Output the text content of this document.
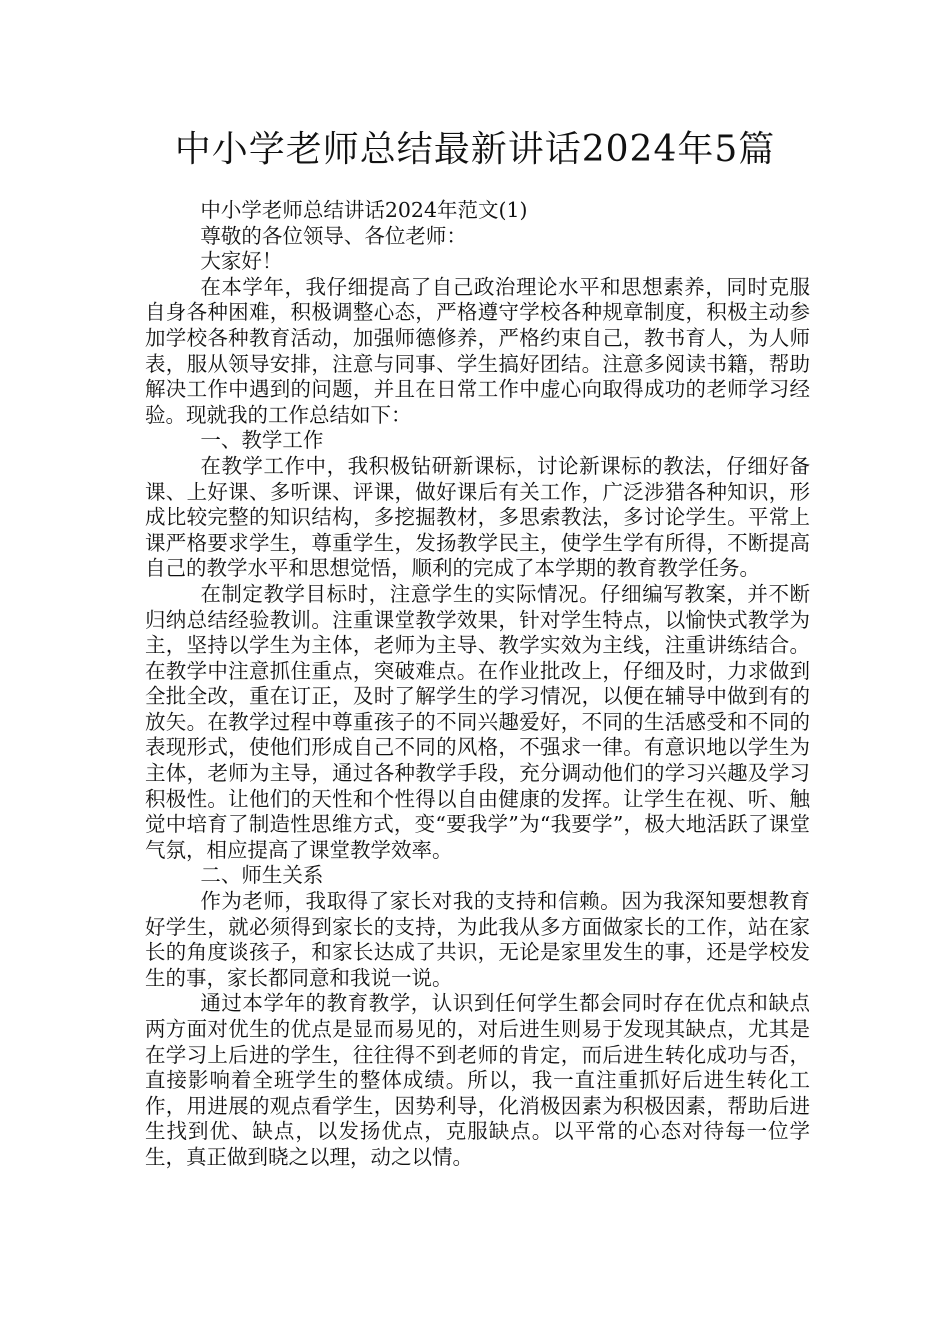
中小学老师总结最新讲话2024年5篇

中小学老师总结讲话2024年范文(1)

尊敬的各位领导、各位老师：

大家好！

在本学年，我仔细提高了自己政治理论水平和思想素养，同时克服自身各种困难，积极调整心态，严格遵守学校各种规章制度，积极主动参加学校各种教育活动，加强师德修养，严格约束自己，教书育人，为人师表，服从领导安排，注意与同事、学生搞好团结。注意多阅读书籍，帮助解决工作中遇到的问题，并且在日常工作中虚心向取得成功的老师学习经验。现就我的工作总结如下：

一、教学工作

在教学工作中，我积极钻研新课标，讨论新课标的教法，仔细好备课、上好课、多听课、评课，做好课后有关工作，广泛涉猎各种知识，形成比较完整的知识结构，多挖掘教材，多思索教法，多讨论学生。平常上课严格要求学生，尊重学生，发扬教学民主，使学生学有所得，不断提高自己的教学水平和思想觉悟，顺利的完成了本学期的教育教学任务。

在制定教学目标时，注意学生的实际情况。仔细编写教案，并不断归纳总结经验教训。注重课堂教学效果，针对学生特点，以愉快式教学为主，坚持以学生为主体，老师为主导、教学实效为主线，注重讲练结合。在教学中注意抓住重点，突破难点。在作业批改上，仔细及时，力求做到全批全改，重在订正，及时了解学生的学习情况，以便在辅导中做到有的放矢。在教学过程中尊重孩子的不同兴趣爱好，不同的生活感受和不同的表现形式，使他们形成自己不同的风格，不强求一律。有意识地以学生为主体，老师为主导，通过各种教学手段，充分调动他们的学习兴趣及学习积极性。让他们的天性和个性得以自由健康的发挥。让学生在视、听、触觉中培育了制造性思维方式，变“要我学”为“我要学”，极大地活跃了课堂气氛，相应提高了课堂教学效率。

二、师生关系

作为老师，我取得了家长对我的支持和信赖。因为我深知要想教育好学生，就必须得到家长的支持，为此我从多方面做家长的工作，站在家长的角度谈孩子，和家长达成了共识，无论是家里发生的事，还是学校发生的事，家长都同意和我说一说。

通过本学年的教育教学，认识到任何学生都会同时存在优点和缺点两方面对优生的优点是显而易见的，对后进生则易于发现其缺点，尤其是在学习上后进的学生，往往得不到老师的肯定，而后进生转化成功与否，直接影响着全班学生的整体成绩。所以，我一直注重抓好后进生转化工作，用进展的观点看学生，因势利导，化消极因素为积极因素，帮助后进生找到优、缺点，以发扬优点，克服缺点。以平常的心态对待每一位学生，真正做到晓之以理，动之以情。
